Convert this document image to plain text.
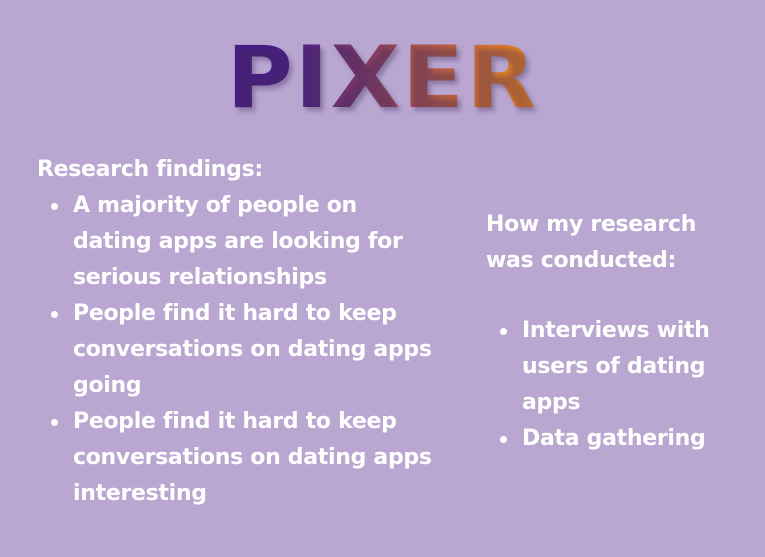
PIXER

Research findings:

A majority of people on dating apps are looking for serious relationships
People find it hard to keep conversations on dating apps going
People find it hard to keep conversations on dating apps interesting

How my research was conducted:

Interviews with users of dating apps
Data gathering
